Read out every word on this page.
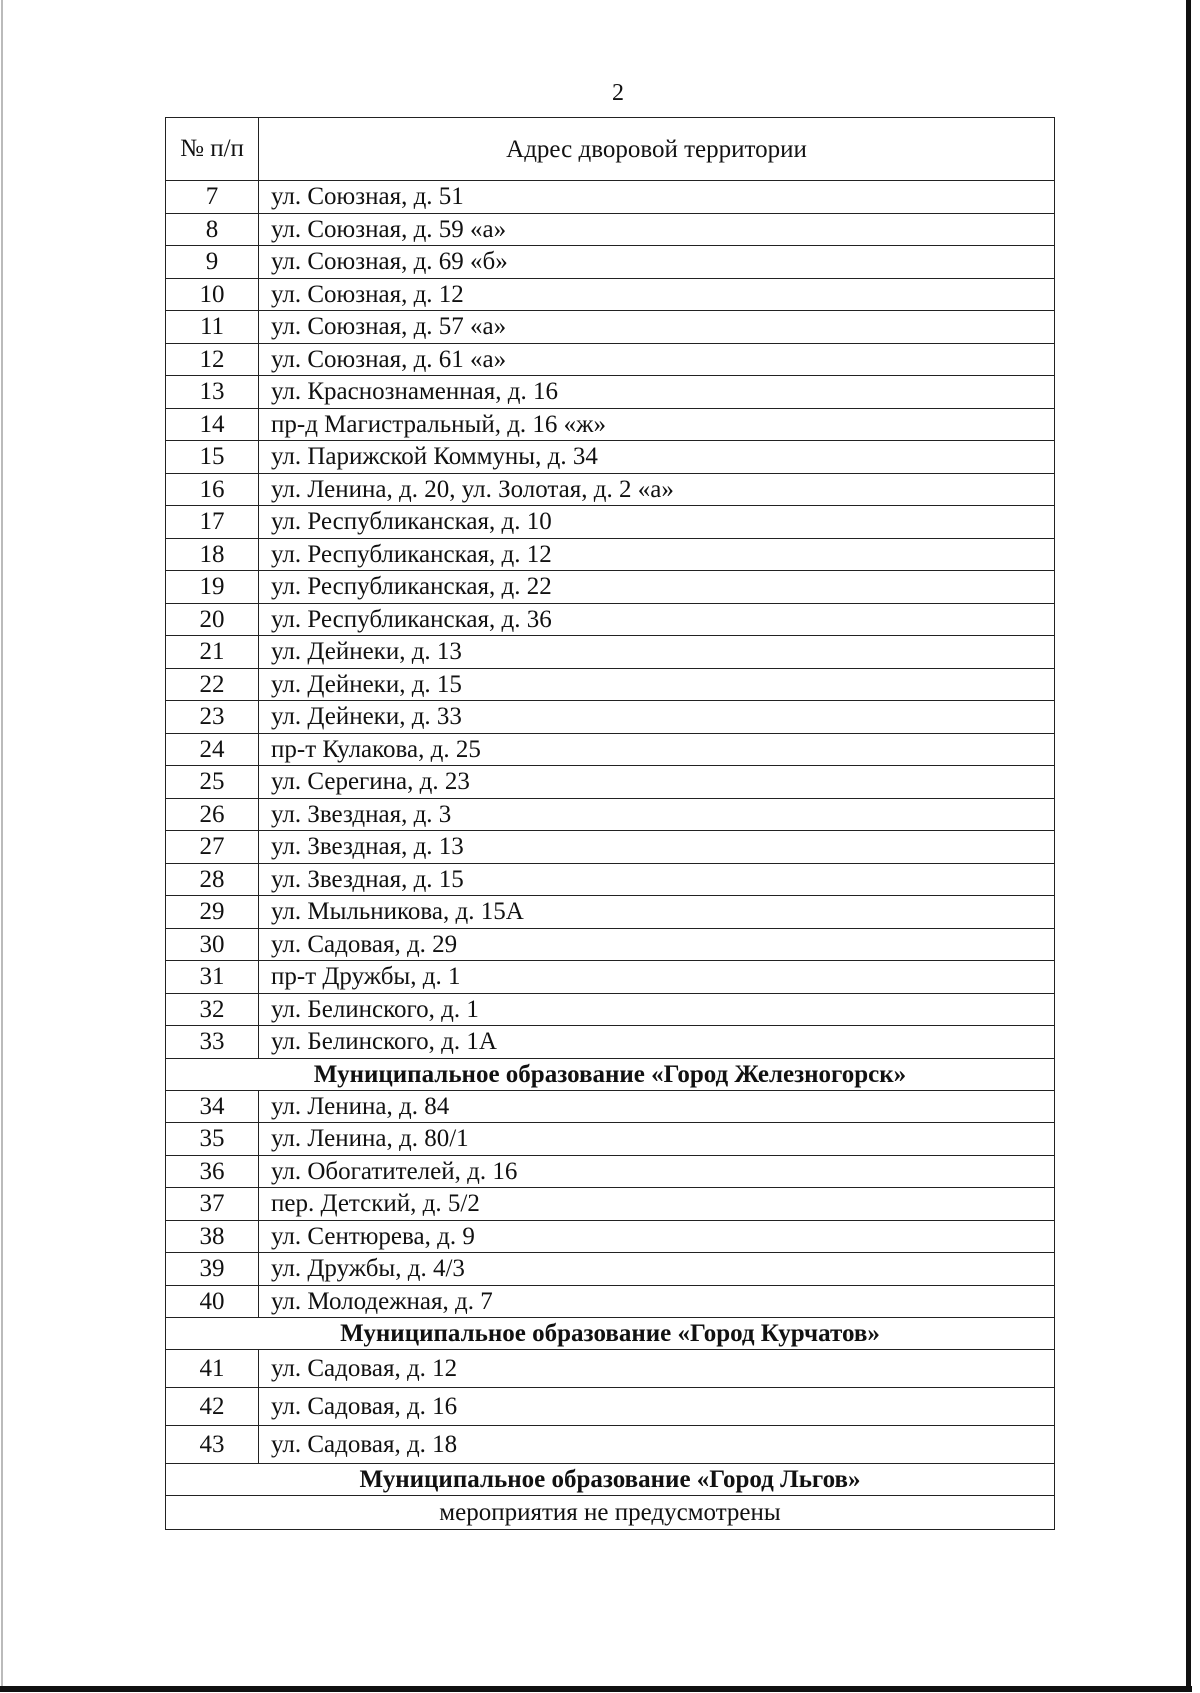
2
№ п/п	Адрес дворовой территории
7	ул. Союзная, д. 51
8	ул. Союзная, д. 59 «а»
9	ул. Союзная, д. 69 «б»
10	ул. Союзная, д. 12
11	ул. Союзная, д. 57 «а»
12	ул. Союзная, д. 61 «а»
13	ул. Краснознаменная, д. 16
14	пр-д Магистральный, д. 16 «ж»
15	ул. Парижской Коммуны, д. 34
16	ул. Ленина, д. 20, ул. Золотая, д. 2 «а»
17	ул. Республиканская, д. 10
18	ул. Республиканская, д. 12
19	ул. Республиканская, д. 22
20	ул. Республиканская, д. 36
21	ул. Дейнеки, д. 13
22	ул. Дейнеки, д. 15
23	ул. Дейнеки, д. 33
24	пр-т Кулакова, д. 25
25	ул. Серегина, д. 23
26	ул. Звездная, д. 3
27	ул. Звездная, д. 13
28	ул. Звездная, д. 15
29	ул. Мыльникова, д. 15А
30	ул. Садовая, д. 29
31	пр-т Дружбы, д. 1
32	ул. Белинского, д. 1
33	ул. Белинского, д. 1А
Муниципальное образование «Город Железногорск»	
34	ул. Ленина, д. 84
35	ул. Ленина, д. 80/1
36	ул. Обогатителей, д. 16
37	пер. Детский, д. 5/2
38	ул. Сентюрева, д. 9
39	ул. Дружбы, д. 4/3
40	ул. Молодежная, д. 7
Муниципальное образование «Город Курчатов»	
41	ул. Садовая, д. 12
42	ул. Садовая, д. 16
43	ул. Садовая, д. 18
Муниципальное образование «Город Льгов»	
мероприятия не предусмотрены	
